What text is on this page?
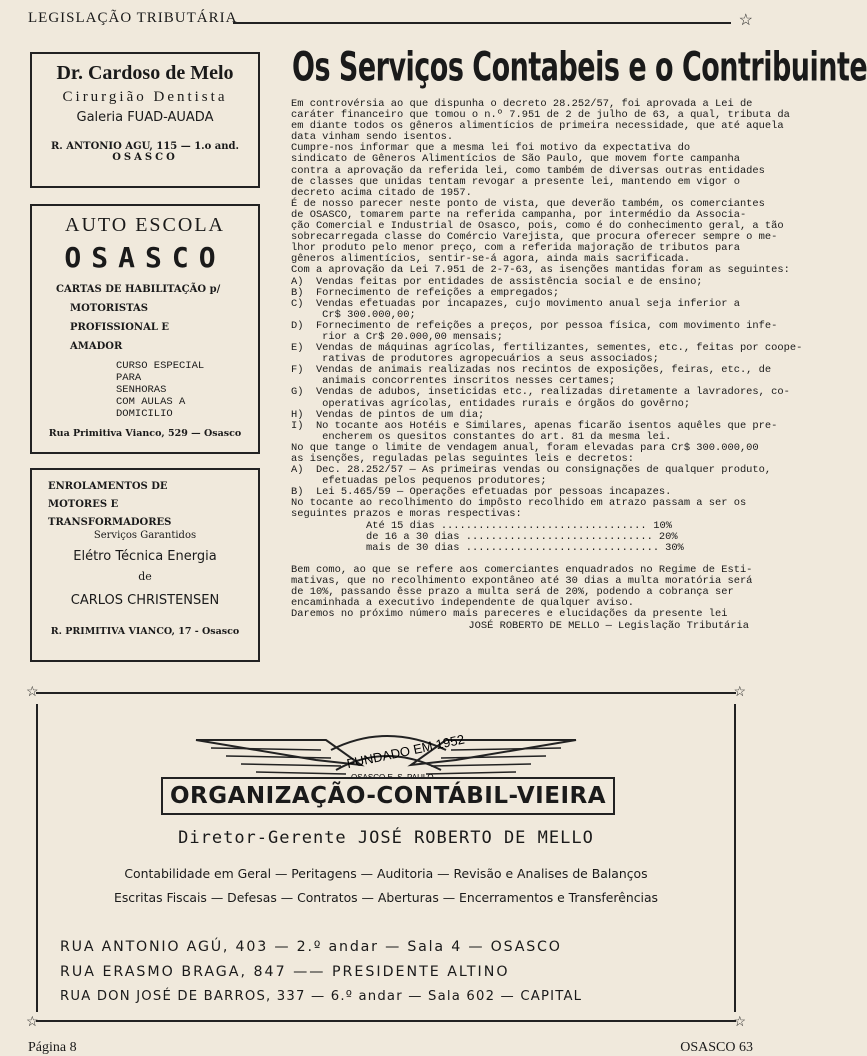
LEGISLAÇÃO TRIBUTÁRIA	☆
Dr. Cardoso de Melo
Cirurgião Dentista
Galeria FUAD-AUADA
R. ANTONIO AGU, 115 — 1.o and.
OSASCO
AUTO ESCOLA
OSASCO
CARTAS DE HABILITAÇÃO p/
MOTORISTAS
PROFISSIONAL E
AMADOR
CURSO ESPECIAL
PARA
SENHORAS
COM AULAS A
DOMICILIO
Rua Primitiva Vianco, 529 — Osasco
ENROLAMENTOS DE
MOTORES E
TRANSFORMADORES
Serviços Garantidos
Elétro Técnica Energia
de
CARLOS CHRISTENSEN
R. PRIMITIVA VIANCO, 17 - Osasco
Os Serviços Contabeis e o Contribuinte
Em controvérsia ao que dispunha o decreto 28.252/57, foi aprovada a Lei de
caráter financeiro que tomou o n.º 7.951 de 2 de julho de 63, a qual, tributa da
em diante todos os gêneros alimentícios de primeira necessidade, que até aquela
data vinham sendo isentos.
Cumpre-nos informar que a mesma lei foi motivo da expectativa do
sindicato de Gêneros Alimentícios de São Paulo, que movem forte campanha
contra a aprovação da referida lei, como também de diversas outras entidades
de classes que unidas tentam revogar a presente lei, mantendo em vigor o
decreto acima citado de 1957.
É de nosso parecer neste ponto de vista, que deverão também, os comerciantes
de OSASCO, tomarem parte na referida campanha, por intermédio da Associa-
ção Comercial e Industrial de Osasco, pois, como é do conhecimento geral, a tão
sobrecarregada classe do Comércio Varejista, que procura oferecer sempre o me-
lhor produto pelo menor preço, com a referida majoração de tributos para
gêneros alimentícios, sentir-se-á agora, ainda mais sacrificada.
Com a aprovação da Lei 7.951 de 2-7-63, as isenções mantidas foram as seguintes:
A)  Vendas feitas por entidades de assistência social e de ensino;
B)  Fornecimento de refeições a empregados;
C)  Vendas efetuadas por incapazes, cujo movimento anual seja inferior a
Cr$ 300.000,00;
D)  Fornecimento de refeições a preços, por pessoa física, com movimento infe-
rior a Cr$ 20.000,00 mensais;
E)  Vendas de máquinas agrícolas, fertilizantes, sementes, etc., feitas por coope-
rativas de produtores agropecuários a seus associados;
F)  Vendas de animais realizadas nos recintos de exposições, feiras, etc., de
animais concorrentes inscritos nesses certames;
G)  Vendas de adubos, inseticidas etc., realizadas diretamente a lavradores, co-
operativas agrícolas, entidades rurais e órgãos do govêrno;
H)  Vendas de pintos de um dia;
I)  No tocante aos Hotéis e Similares, apenas ficarão isentos aquêles que pre-
encherem os quesitos constantes do art. 81 da mesma lei.
No que tange o limite de vendagem anual, foram elevadas para Cr$ 300.000,00
as isenções, reguladas pelas seguintes leis e decretos:
A)  Dec. 28.252/57 — As primeiras vendas ou consignações de qualquer produto,
efetuadas pelos pequenos produtores;
B)  Lei 5.465/59 — Operações efetuadas por pessoas incapazes.
No tocante ao recolhimento do impôsto recolhido em atrazo passam a ser os
seguintes prazos e moras respectivas:
Até 15 dias ................................. 10%
de 16 a 30 dias .............................. 20%
mais de 30 dias ............................... 30%
Bem como, ao que se refere aos comerciantes enquadrados no Regime de Esti-
mativas, que no recolhimento expontâneo até 30 dias a multa moratória será
de 10%, passando êsse prazo a multa será de 20%, podendo a cobrança ser
encaminhada a executivo independente de qualquer aviso.
Daremos no próximo número mais pareceres e elucidações da presente lei
JOSÉ ROBERTO DE MELLO — Legislação Tributária
☆	☆
☆	☆
FUNDADO EM 1952
ORGANIZAÇÃO-CONTÁBIL-VIEIRA
Diretor-Gerente JOSÉ ROBERTO DE MELLO
Contabilidade em Geral — Peritagens — Auditoria — Revisão e Analises de Balanços
Escritas Fiscais — Defesas — Contratos — Aberturas — Encerramentos e Transferências
RUA ANTONIO AGÚ, 403 — 2.º andar — Sala 4 — OSASCO
RUA ERASMO BRAGA, 847 —— PRESIDENTE ALTINO
RUA DON JOSÉ DE BARROS, 337 — 6.º andar — Sala 602 — CAPITAL
Página 8	OSASCO 63
